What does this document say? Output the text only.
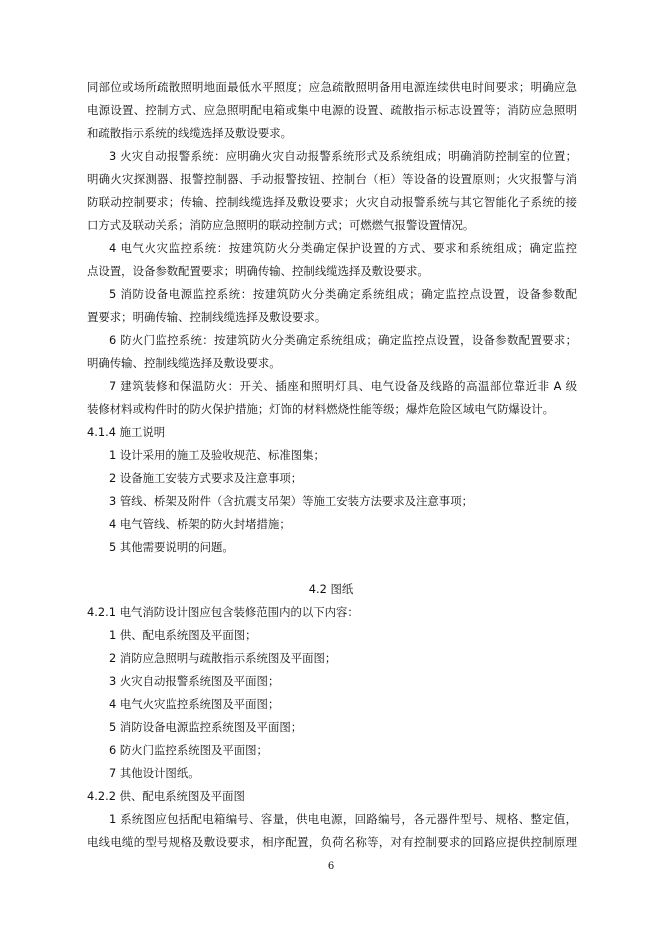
同部位或场所疏散照明地面最低水平照度；应急疏散照明备用电源连续供电时间要求；明确应急
电源设置、控制方式、应急照明配电箱或集中电源的设置、疏散指示标志设置等；消防应急照明
和疏散指示系统的线缆选择及敷设要求。
3 火灾自动报警系统：应明确火灾自动报警系统形式及系统组成；明确消防控制室的位置；
明确火灾探测器、报警控制器、手动报警按钮、控制台（柜）等设备的设置原则；火灾报警与消
防联动控制要求；传输、控制线缆选择及敷设要求；火灾自动报警系统与其它智能化子系统的接
口方式及联动关系；消防应急照明的联动控制方式；可燃燃气报警设置情况。
4 电气火灾监控系统：按建筑防火分类确定保护设置的方式、要求和系统组成；确定监控
点设置，设备参数配置要求；明确传输、控制线缆选择及敷设要求。
5 消防设备电源监控系统：按建筑防火分类确定系统组成；确定监控点设置，设备参数配
置要求；明确传输、控制线缆选择及敷设要求。
6 防火门监控系统：按建筑防火分类确定系统组成；确定监控点设置，设备参数配置要求；
明确传输、控制线缆选择及敷设要求。
7 建筑装修和保温防火：开关、插座和照明灯具、电气设备及线路的高温部位靠近非 A 级
装修材料或构件时的防火保护措施；灯饰的材料燃烧性能等级；爆炸危险区域电气防爆设计。
4.1.4 施工说明
1 设计采用的施工及验收规范、标准图集；
2 设备施工安装方式要求及注意事项；
3 管线、桥架及附件（含抗震支吊架）等施工安装方法要求及注意事项；
4 电气管线、桥架的防火封堵措施；
5 其他需要说明的问题。
4.2 图纸
4.2.1 电气消防设计图应包含装修范围内的以下内容：
1 供、配电系统图及平面图；
2 消防应急照明与疏散指示系统图及平面图；
3 火灾自动报警系统图及平面图；
4 电气火灾监控系统图及平面图；
5 消防设备电源监控系统图及平面图；
6 防火门监控系统图及平面图；
7 其他设计图纸。
4.2.2 供、配电系统图及平面图
1 系统图应包括配电箱编号、容量，供电电源，回路编号，各元器件型号、规格、整定值，
电线电缆的型号规格及敷设要求，相序配置，负荷名称等，对有控制要求的回路应提供控制原理
6
